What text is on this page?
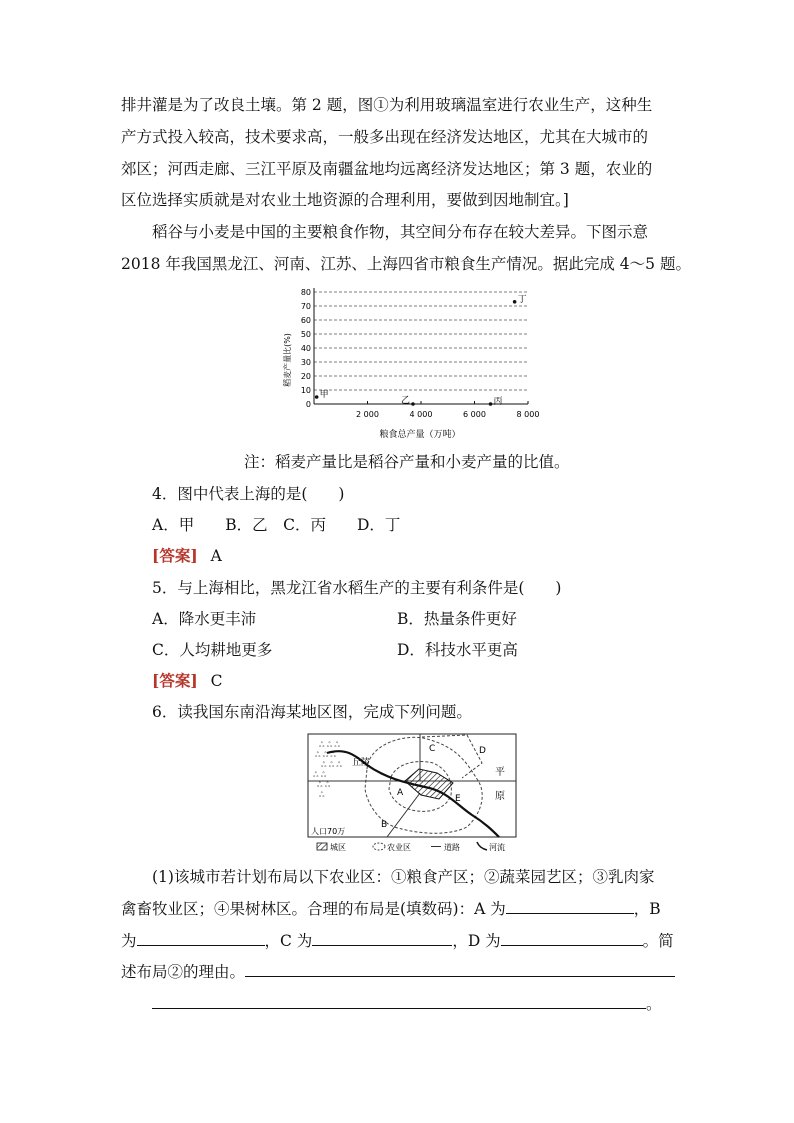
排井灌是为了改良土壤。第 2 题，图①为利用玻璃温室进行农业生产，这种生
产方式投入较高，技术要求高，一般多出现在经济发达地区，尤其在大城市的
郊区；河西走廊、三江平原及南疆盆地均远离经济发达地区；第 3 题，农业的
区位选择实质就是对农业土地资源的合理利用，要做到因地制宜。]
稻谷与小麦是中国的主要粮食作物，其空间分布存在较大差异。下图示意
2018 年我国黑龙江、河南、江苏、上海四省市粮食生产情况。据此完成 4～5 题。
0
10
20
30
40
50
60
70
80
2 000	4 000	6 000	8 000
甲
乙	丙
丁
稻麦产量比(%)
粮食总产量（万吨）
注：稻麦产量比是稻谷产量和小麦产量的比值。
4．图中代表上海的是(　　)
A．甲　　B．乙　C．丙　　D．丁
[答案] A
5．与上海相比，黑龙江省水稻生产的主要有利条件是(　　)
A．降水更丰沛	B．热量条件更好
C．人均耕地更多	D．科技水平更高
[答案] C
6．读我国东南沿海某地区图，完成下列问题。
ஃ ஃ ஃ
ஃ ஃ ஃ
ஃ ஃ ஃ
ஃ ஃ
ஃ ஃ
ஃ
丘陵
平
原
人口70万
A
B
C	D
E
城区	农业区	道路	河流
(1)该城市若计划布局以下农业区：①粮食产区；②蔬菜园艺区；③乳肉家
禽畜牧业区；④果树林区。合理的布局是(填数码)：A 为	，B
为	，C 为	，D 为	。简
述布局②的理由。
。
